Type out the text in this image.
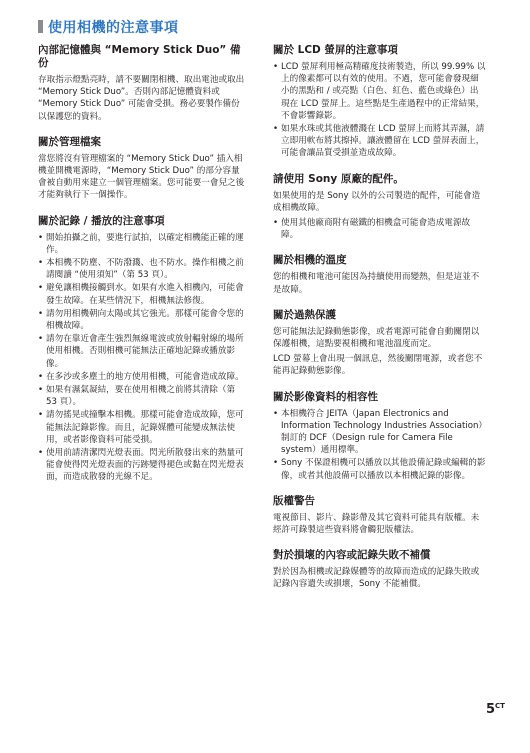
使用相機的注意事項
內部記憶體與 “Memory Stick Duo” 備份

存取指示燈點亮時，請不要關閉相機、取出電池或取出 “Memory Stick Duo”。否則內部記憶體資料或 “Memory Stick Duo” 可能會受損。務必要製作備份以保護您的資料。

關於管理檔案

當您將沒有管理檔案的 “Memory Stick Duo” 插入相機並開機電源時，“Memory Stick Duo” 的部分容量會被自動用來建立一個管理檔案。您可能要一會兒之後才能夠執行下一個操作。

關於記錄 / 播放的注意事項
• 開始拍攝之前，要進行試拍，以確定相機能正確的運作。
• 本相機不防塵、不防潑濺、也不防水。操作相機之前請閱讀 “使用須知”（第 53 頁）。
• 避免讓相機接觸到水。如果有水進入相機內，可能會發生故障。在某些情況下，相機無法修復。
• 請勿用相機朝向太陽或其它強光。那樣可能會令您的相機故障。
• 請勿在靠近會產生強烈無線電波或放射輻射線的場所使用相機。否則相機可能無法正確地記錄或播放影像。
• 在多沙或多塵土的地方使用相機，可能會造成故障。
• 如果有濕氣凝結，要在使用相機之前將其清除（第 53 頁）。
• 請勿搖晃或撞擊本相機。那樣可能會造成故障，您可能無法記錄影像。而且，記錄媒體可能變成無法使用，或者影像資料可能受損。
• 使用前請清潔閃光燈表面。閃光所散發出來的熱量可能會使得閃光燈表面的污跡變得褪色或黏在閃光燈表面，而造成散發的光線不足。
關於 LCD 螢屏的注意事項
• LCD 螢屏利用極高精確度技術製造，所以 99.99% 以上的像素都可以有效的使用。不過，您可能會發現細小的黑點和 / 或亮點（白色、紅色、藍色或綠色）出現在 LCD 螢屏上。這些點是生產過程中的正常結果，不會影響錄影。
• 如果水珠或其他液體濺在 LCD 螢屏上而將其弄濕，請立即用軟布將其擦掉。讓液體留在 LCD 螢屏表面上，可能會讓品質受損並造成故障。
請使用 Sony 原廠的配件。

如果使用的是 Sony 以外的公司製造的配件，可能會造成相機故障。

• 使用其他廠商附有磁鐵的相機盒可能會造成電源故障。
關於相機的溫度

您的相機和電池可能因為持續使用而變熱，但是這並不是故障。

關於過熱保護

您可能無法記錄動態影像，或者電源可能會自動關閉以保護相機，這點要視相機和電池溫度而定。

LCD 螢幕上會出現一個訊息，然後關閉電源，或者您不能再記錄動態影像。

關於影像資料的相容性
• 本相機符合 JEITA（Japan Electronics and Information Technology Industries Association）制訂的 DCF（Design rule for Camera File system）通用標準。
• Sony 不保證相機可以播放以其他設備記錄或編輯的影像，或者其他設備可以播放以本相機記錄的影像。
版權警告

電視節目、影片、錄影帶及其它資料可能具有版權。未經許可錄製這些資料將會觸犯版權法。

對於損壞的內容或記錄失敗不補償

對於因為相機或記錄媒體等的故障而造成的記錄失敗或記錄內容遺失或損壞，Sony 不能補償。

$5^{CT}$
